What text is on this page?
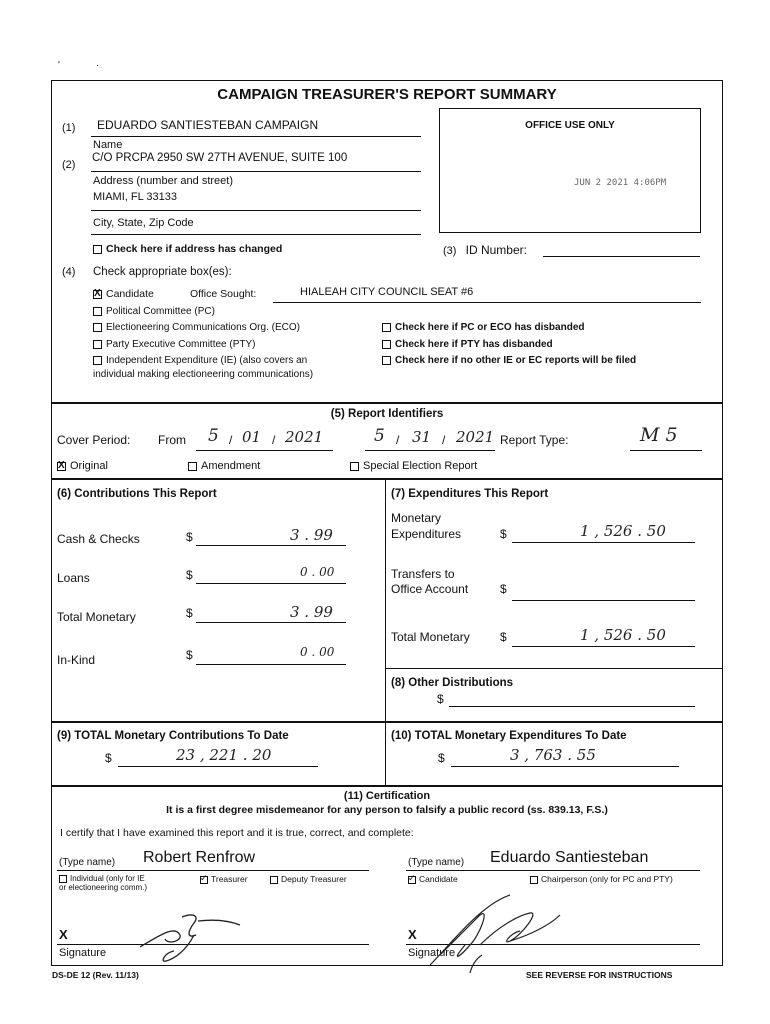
'	·
CAMPAIGN TREASURER'S REPORT SUMMARY
(1) EDUARDO SANTIESTEBAN CAMPAIGN
Name
(2)
C/O PRCPA 2950 SW 27TH AVENUE, SUITE 100
Address (number and street)
MIAMI, FL 33133
City, State, Zip Code
Check here if address has changed
OFFICE USE ONLY
JUN 2 2021 4:06PM
(3) ID Number:
(4) Check appropriate box(es):
XCandidate	Office Sought:	HIALEAH CITY COUNCIL SEAT #6
Political Committee (PC)
Electioneering Communications Org. (ECO)
Party Executive Committee (PTY)
Independent Expenditure (IE) (also covers an
individual making electioneering communications)
Check here if PC or ECO has disbanded
Check here if PTY has disbanded
Check here if no other IE or EC reports will be filed
(5) Report Identifiers
Cover Period: From 5 / 01 / 2021	5 / 31 / 2021 Report Type:	M 5
XOriginal	Amendment	Special Election Report
(6) Contributions This Report
Cash & Checks	$	3 . 99
Loans	$	0 . 00
Total Monetary	$	3 . 99
In-Kind	$	0 . 00
(7) Expenditures This Report
Monetary
Expenditures	$	1 , 526 . 50
Transfers to
Office Account	$
Total Monetary	$	1 , 526 . 50
(8) Other Distributions
$
(9) TOTAL Monetary Contributions To Date
$	23 , 221 . 20
(10) TOTAL Monetary Expenditures To Date
$	3 , 763 . 55
(11) Certification
It is a first degree misdemeanor for any person to falsify a public record (ss. 839.13, F.S.)
I certify that I have examined this report and it is true, correct, and complete:
(Type name) Robert Renfrow
Individual (only for IE
or electioneering comm.)
✓Treasurer	Deputy Treasurer
X
Signature
(Type name) Eduardo Santiesteban
✓Candidate	Chairperson (only for PC and PTY)
X
Signature
DS-DE 12 (Rev. 11/13)	SEE REVERSE FOR INSTRUCTIONS
